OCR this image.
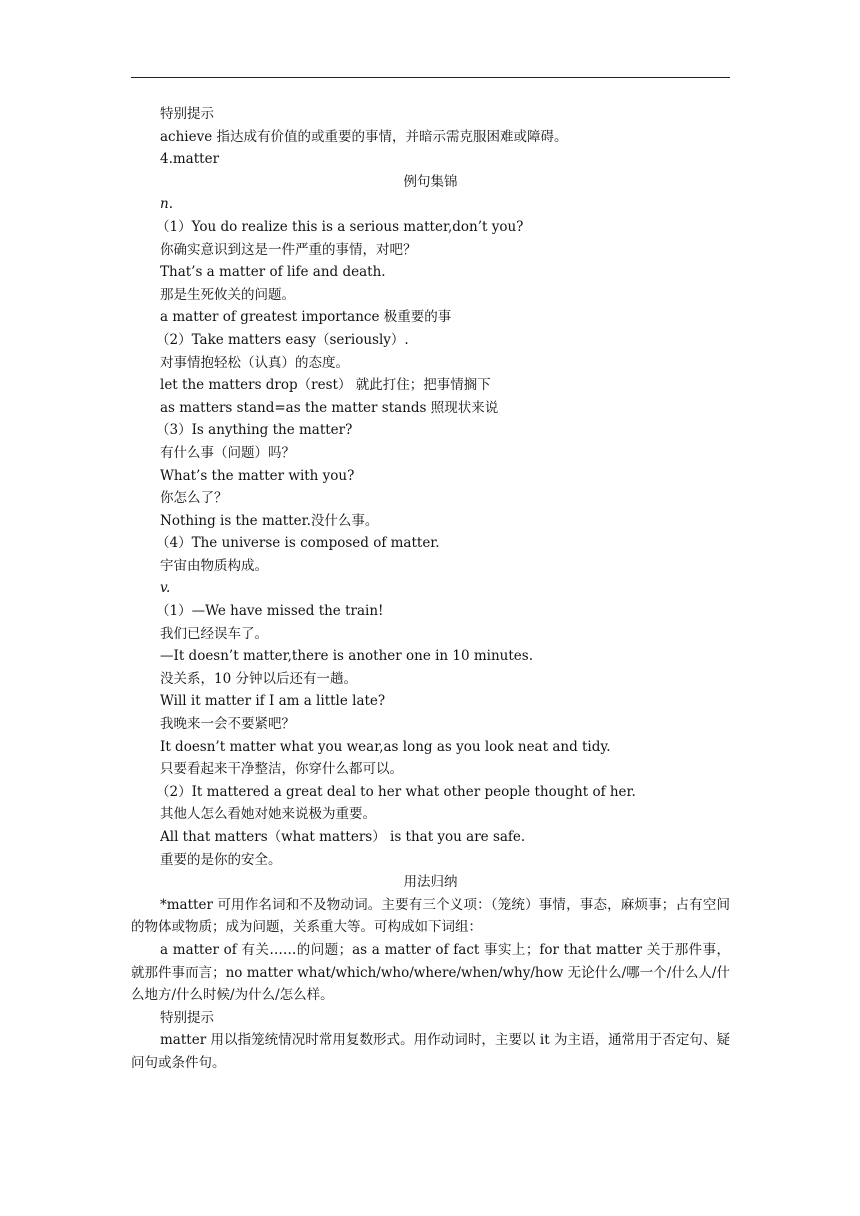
特别提示
achieve 指达成有价值的或重要的事情，并暗示需克服困难或障碍。
4.matter
例句集锦
n.
（1）You do realize this is a serious matter,don’t you?
你确实意识到这是一件严重的事情，对吧？
That’s a matter of life and death.
那是生死攸关的问题。
a matter of greatest importance 极重要的事
（2）Take matters easy（seriously）.
对事情抱轻松（认真）的态度。
let the matters drop（rest） 就此打住；把事情搁下
as matters stand=as the matter stands 照现状来说
（3）Is anything the matter?
有什么事（问题）吗？
What’s the matter with you?
你怎么了？
Nothing is the matter.没什么事。
（4）The universe is composed of matter.
宇宙由物质构成。
v.
（1）—We have missed the train!
我们已经误车了。
—It doesn’t matter,there is another one in 10 minutes.
没关系，10 分钟以后还有一趟。
Will it matter if I am a little late?
我晚来一会不要紧吧？
It doesn’t matter what you wear,as long as you look neat and tidy.
只要看起来干净整洁，你穿什么都可以。
（2）It mattered a great deal to her what other people thought of her.
其他人怎么看她对她来说极为重要。
All that matters（what matters） is that you are safe.
重要的是你的安全。
用法归纳
*matter 可用作名词和不及物动词。主要有三个义项：（笼统）事情，事态，麻烦事；占有空间的物体或物质；成为问题，关系重大等。可构成如下词组：
a matter of 有关……的问题；as a matter of fact 事实上；for that matter 关于那件事，就那件事而言；no matter what/which/who/where/when/why/how 无论什么/哪一个/什么人/什么地方/什么时候/为什么/怎么样。
特别提示
matter 用以指笼统情况时常用复数形式。用作动词时，主要以 it 为主语，通常用于否定句、疑问句或条件句。
